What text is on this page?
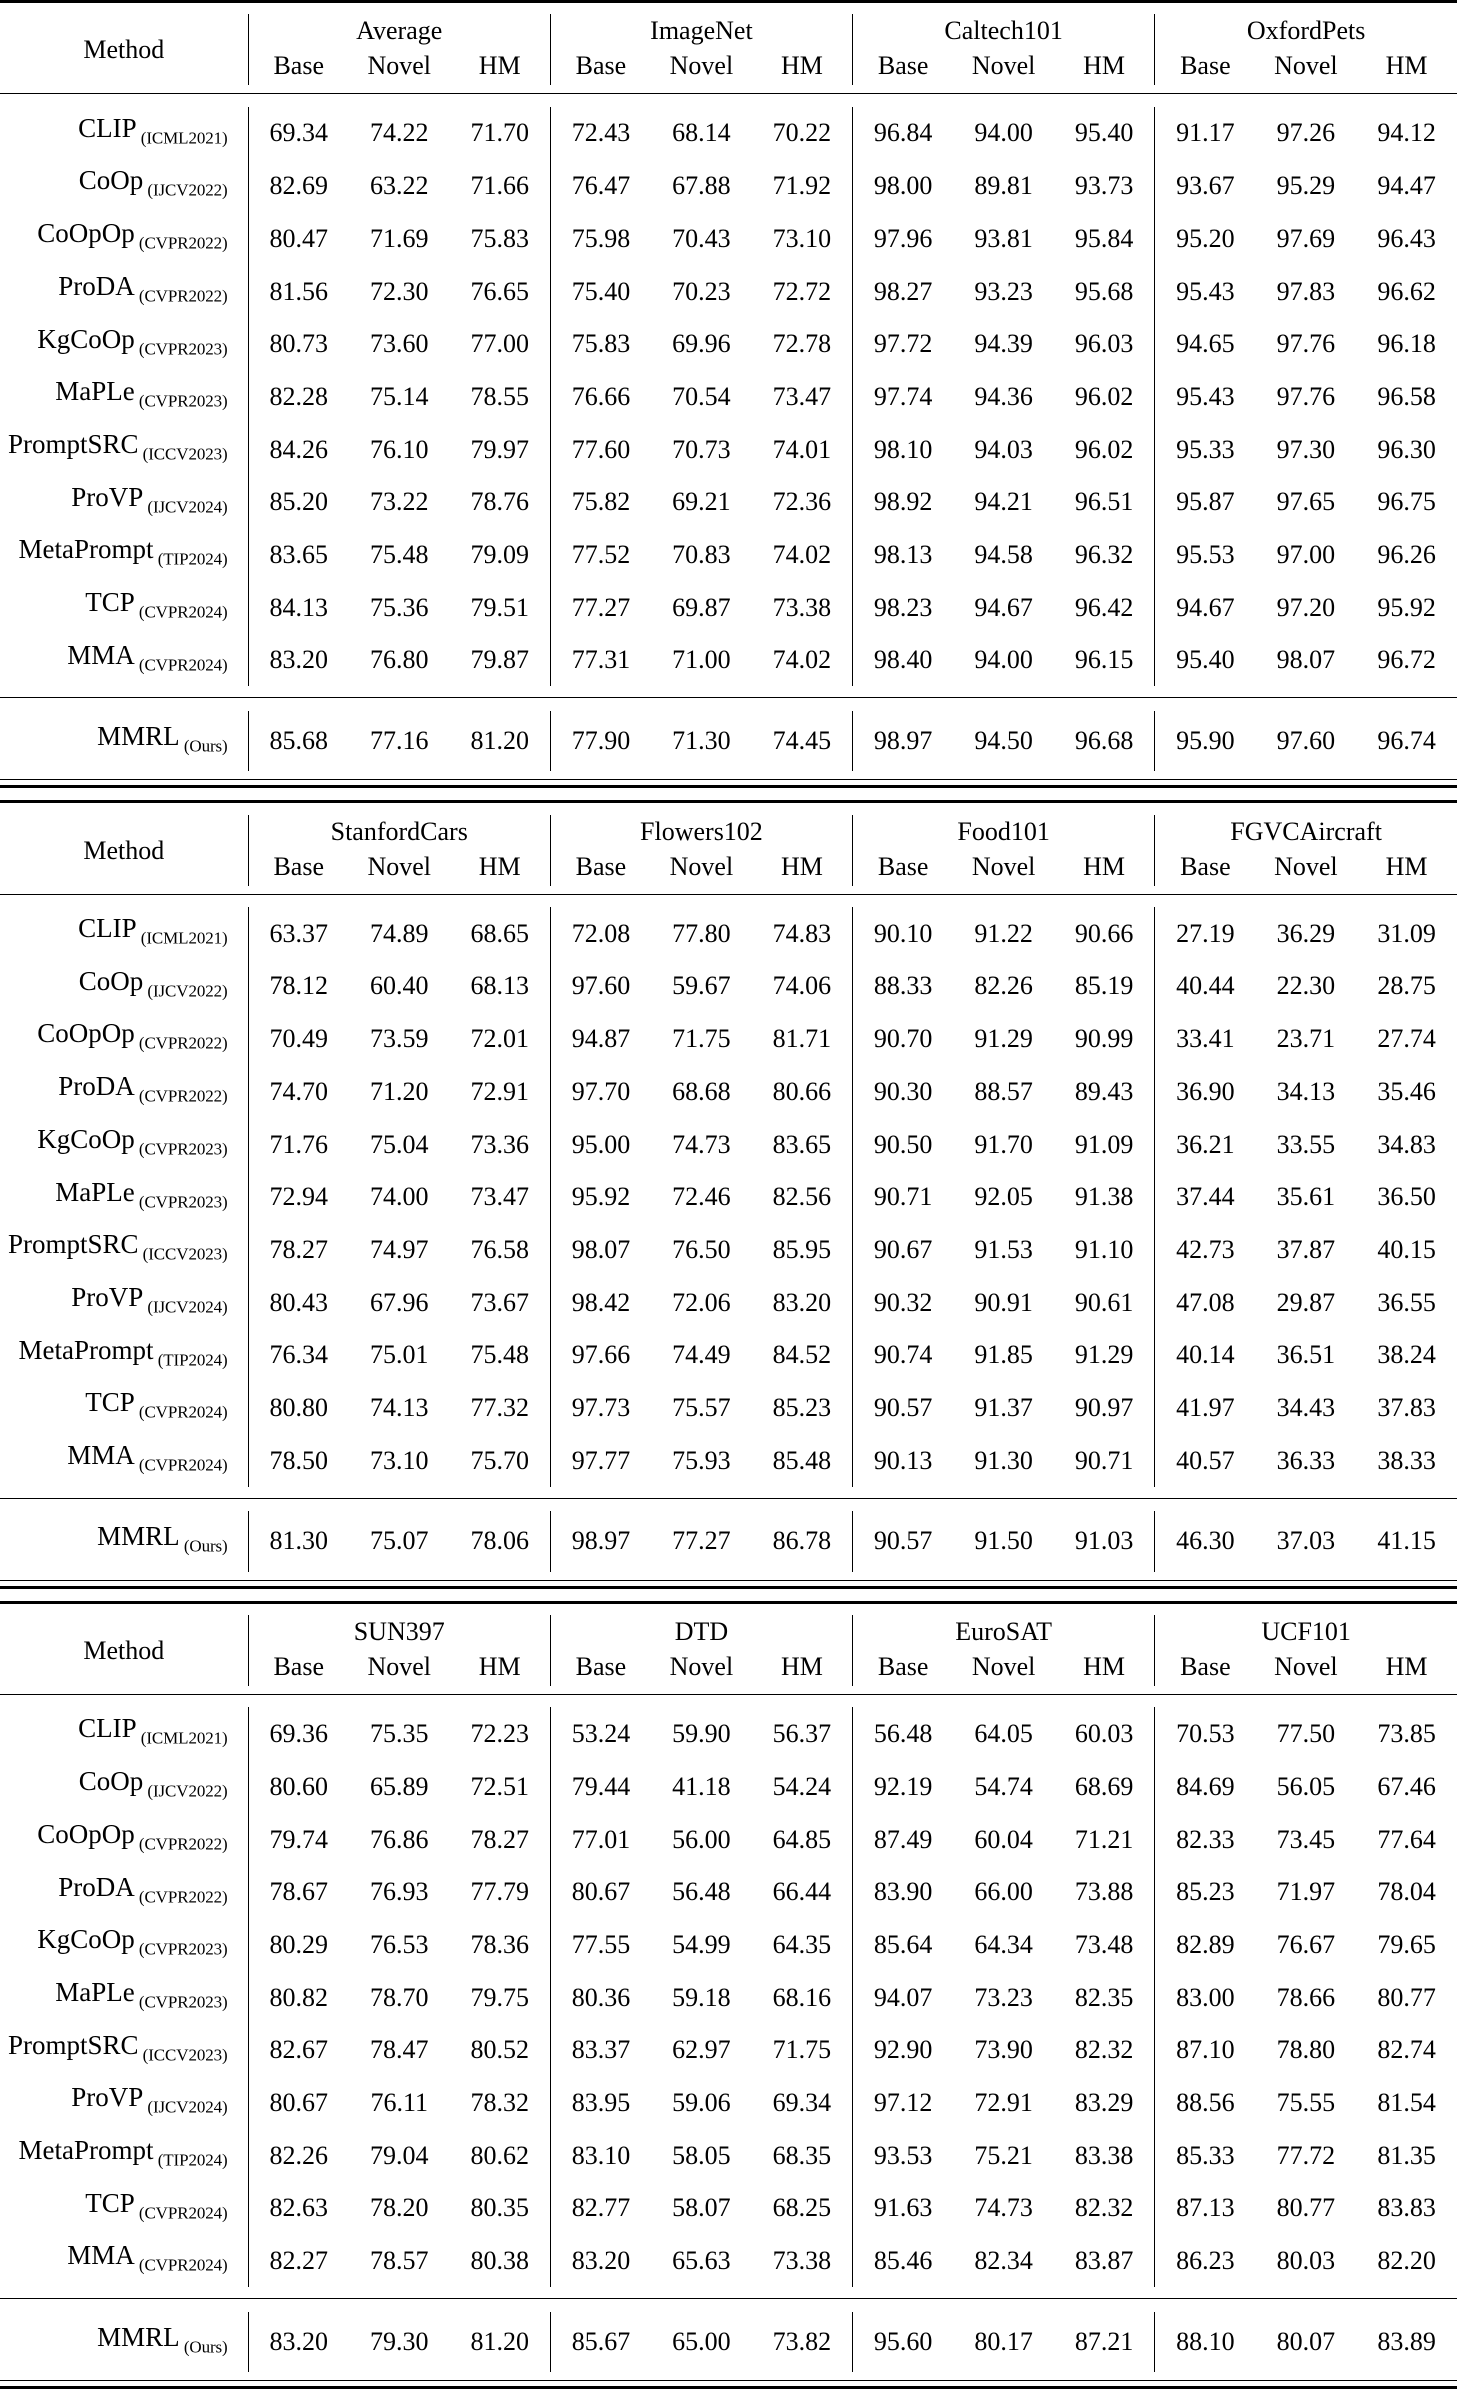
Method	Average			ImageNet			Caltech101			OxfordPets		
	Base	Novel	HM	Base	Novel	HM	Base	Novel	HM	Base	Novel	HM

CLIP $_{(ICML2021)}$	69.34	74.22	71.70	72.43	68.14	70.22	96.84	94.00	95.40	91.17	97.26	94.12
CoOp $_{(IJCV2022)}$	82.69	63.22	71.66	76.47	67.88	71.92	98.00	89.81	93.73	93.67	95.29	94.47
CoOpOp $_{(CVPR2022)}$	80.47	71.69	75.83	75.98	70.43	73.10	97.96	93.81	95.84	95.20	97.69	96.43
ProDA $_{(CVPR2022)}$	81.56	72.30	76.65	75.40	70.23	72.72	98.27	93.23	95.68	95.43	97.83	96.62
KgCoOp $_{(CVPR2023)}$	80.73	73.60	77.00	75.83	69.96	72.78	97.72	94.39	96.03	94.65	97.76	96.18
MaPLe $_{(CVPR2023)}$	82.28	75.14	78.55	76.66	70.54	73.47	97.74	94.36	96.02	95.43	97.76	96.58
PromptSRC $_{(ICCV2023)}$	84.26	76.10	79.97	77.60	70.73	74.01	98.10	94.03	96.02	95.33	97.30	96.30
ProVP $_{(IJCV2024)}$	85.20	73.22	78.76	75.82	69.21	72.36	98.92	94.21	96.51	95.87	97.65	96.75
MetaPrompt $_{(TIP2024)}$	83.65	75.48	79.09	77.52	70.83	74.02	98.13	94.58	96.32	95.53	97.00	96.26
TCP $_{(CVPR2024)}$	84.13	75.36	79.51	77.27	69.87	73.38	98.23	94.67	96.42	94.67	97.20	95.92
MMA $_{(CVPR2024)}$	83.20	76.80	79.87	77.31	71.00	74.02	98.40	94.00	96.15	95.40	98.07	96.72

MMRL $_{(Ours)}$	85.68	77.16	81.20	77.90	71.30	74.45	98.97	94.50	96.68	95.90	97.60	96.74

Method	StanfordCars			Flowers102			Food101			FGVCAircraft		
	Base	Novel	HM	Base	Novel	HM	Base	Novel	HM	Base	Novel	HM

CLIP $_{(ICML2021)}$	63.37	74.89	68.65	72.08	77.80	74.83	90.10	91.22	90.66	27.19	36.29	31.09
CoOp $_{(IJCV2022)}$	78.12	60.40	68.13	97.60	59.67	74.06	88.33	82.26	85.19	40.44	22.30	28.75
CoOpOp $_{(CVPR2022)}$	70.49	73.59	72.01	94.87	71.75	81.71	90.70	91.29	90.99	33.41	23.71	27.74
ProDA $_{(CVPR2022)}$	74.70	71.20	72.91	97.70	68.68	80.66	90.30	88.57	89.43	36.90	34.13	35.46
KgCoOp $_{(CVPR2023)}$	71.76	75.04	73.36	95.00	74.73	83.65	90.50	91.70	91.09	36.21	33.55	34.83
MaPLe $_{(CVPR2023)}$	72.94	74.00	73.47	95.92	72.46	82.56	90.71	92.05	91.38	37.44	35.61	36.50
PromptSRC $_{(ICCV2023)}$	78.27	74.97	76.58	98.07	76.50	85.95	90.67	91.53	91.10	42.73	37.87	40.15
ProVP $_{(IJCV2024)}$	80.43	67.96	73.67	98.42	72.06	83.20	90.32	90.91	90.61	47.08	29.87	36.55
MetaPrompt $_{(TIP2024)}$	76.34	75.01	75.48	97.66	74.49	84.52	90.74	91.85	91.29	40.14	36.51	38.24
TCP $_{(CVPR2024)}$	80.80	74.13	77.32	97.73	75.57	85.23	90.57	91.37	90.97	41.97	34.43	37.83
MMA $_{(CVPR2024)}$	78.50	73.10	75.70	97.77	75.93	85.48	90.13	91.30	90.71	40.57	36.33	38.33

MMRL $_{(Ours)}$	81.30	75.07	78.06	98.97	77.27	86.78	90.57	91.50	91.03	46.30	37.03	41.15

Method	SUN397			DTD			EuroSAT			UCF101		
	Base	Novel	HM	Base	Novel	HM	Base	Novel	HM	Base	Novel	HM

CLIP $_{(ICML2021)}$	69.36	75.35	72.23	53.24	59.90	56.37	56.48	64.05	60.03	70.53	77.50	73.85
CoOp $_{(IJCV2022)}$	80.60	65.89	72.51	79.44	41.18	54.24	92.19	54.74	68.69	84.69	56.05	67.46
CoOpOp $_{(CVPR2022)}$	79.74	76.86	78.27	77.01	56.00	64.85	87.49	60.04	71.21	82.33	73.45	77.64
ProDA $_{(CVPR2022)}$	78.67	76.93	77.79	80.67	56.48	66.44	83.90	66.00	73.88	85.23	71.97	78.04
KgCoOp $_{(CVPR2023)}$	80.29	76.53	78.36	77.55	54.99	64.35	85.64	64.34	73.48	82.89	76.67	79.65
MaPLe $_{(CVPR2023)}$	80.82	78.70	79.75	80.36	59.18	68.16	94.07	73.23	82.35	83.00	78.66	80.77
PromptSRC $_{(ICCV2023)}$	82.67	78.47	80.52	83.37	62.97	71.75	92.90	73.90	82.32	87.10	78.80	82.74
ProVP $_{(IJCV2024)}$	80.67	76.11	78.32	83.95	59.06	69.34	97.12	72.91	83.29	88.56	75.55	81.54
MetaPrompt $_{(TIP2024)}$	82.26	79.04	80.62	83.10	58.05	68.35	93.53	75.21	83.38	85.33	77.72	81.35
TCP $_{(CVPR2024)}$	82.63	78.20	80.35	82.77	58.07	68.25	91.63	74.73	82.32	87.13	80.77	83.83
MMA $_{(CVPR2024)}$	82.27	78.57	80.38	83.20	65.63	73.38	85.46	82.34	83.87	86.23	80.03	82.20

MMRL $_{(Ours)}$	83.20	79.30	81.20	85.67	65.00	73.82	95.60	80.17	87.21	88.10	80.07	83.89
